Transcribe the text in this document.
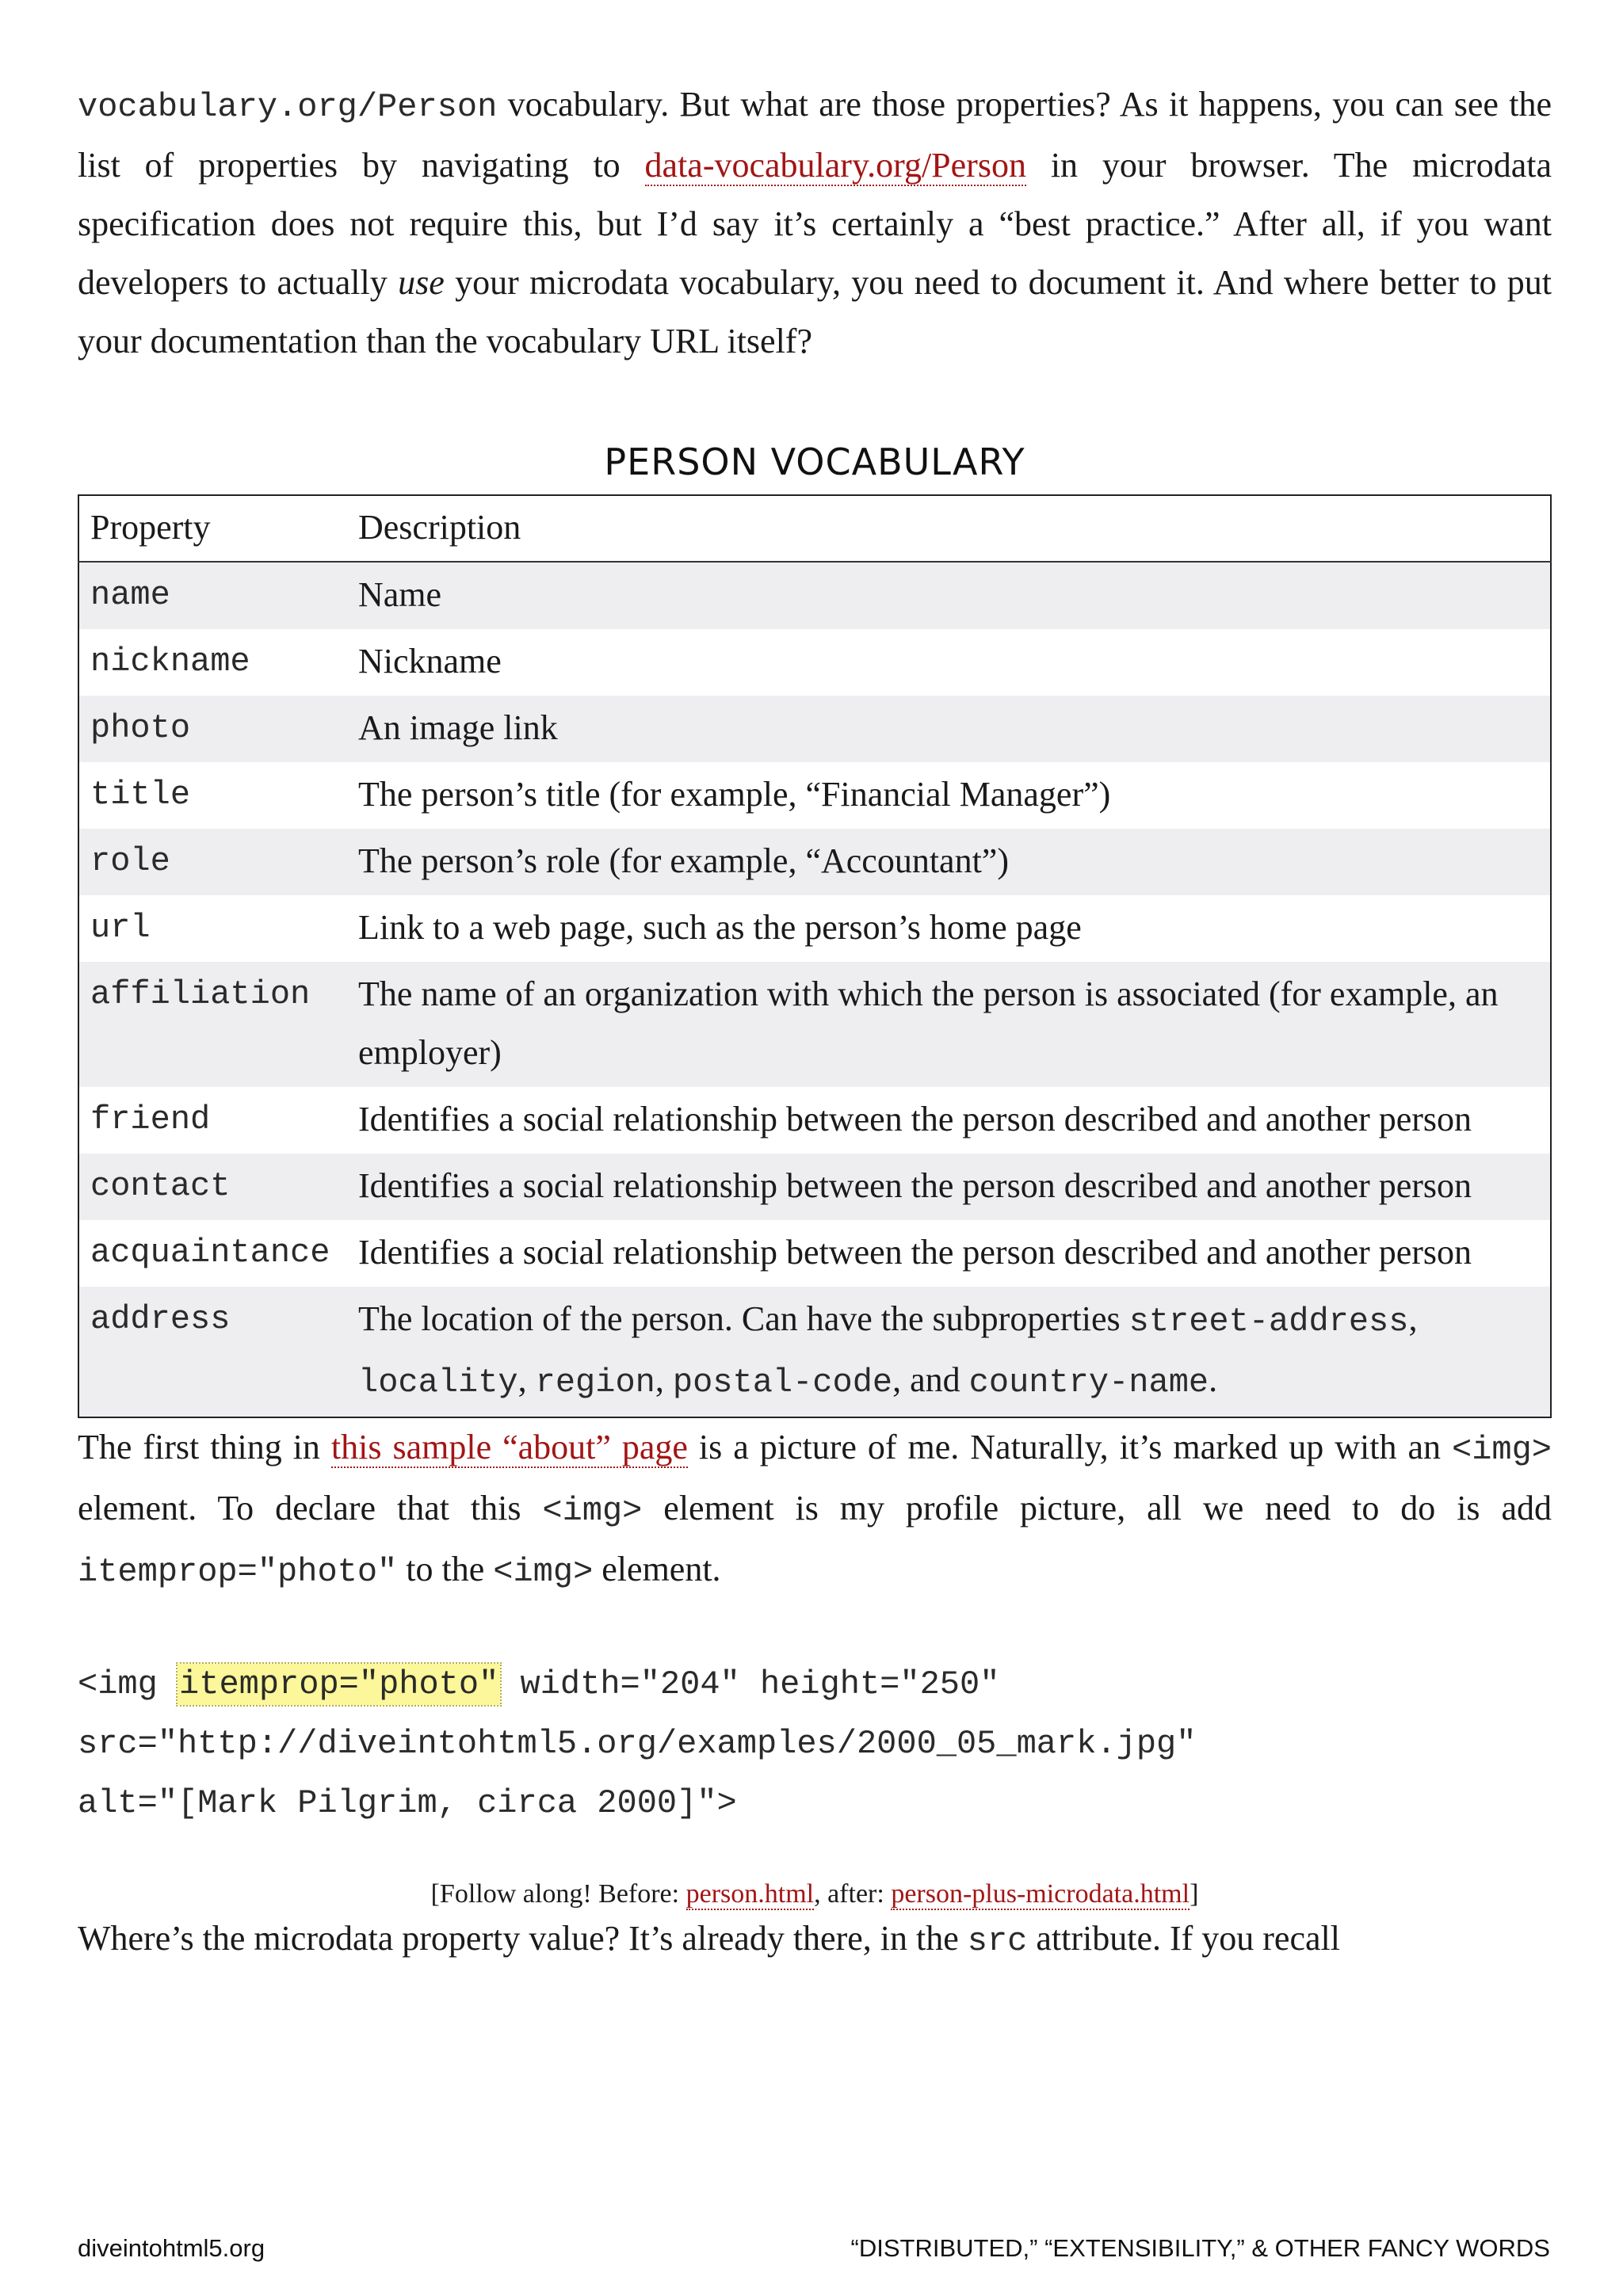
vocabulary.org/Person vocabulary. But what are those properties? As it happens, you can see the list of properties by navigating to data-vocabulary.org/Person in your browser. The microdata specification does not require this, but I’d say it’s certainly a “best practice.” After all, if you want developers to actually use your microdata vocabulary, you need to document it. And where better to put your documentation than the vocabulary URL itself?

PERSON VOCABULARY
Property	Description
name	Name
nickname	Nickname
photo	An image link
title	The person’s title (for example, “Financial Manager”)
role	The person’s role (for example, “Accountant”)
url	Link to a web page, such as the person’s home page
affiliation	The name of an organization with which the person is associated (for example, an employer)
friend	Identifies a social relationship between the person described and another person
contact	Identifies a social relationship between the person described and another person
acquaintance	Identifies a social relationship between the person described and another person
address	The location of the person. Can have the subproperties street-address, locality, region, postal-code, and country-name.

The first thing in this sample “about” page is a picture of me. Naturally, it’s marked up with an <img> element. To declare that this <img> element is my profile picture, all we need to do is add itemprop="photo" to the <img> element.

<img itemprop="photo" width="204" height="250"
src="http://diveintohtml5.org/examples/2000_05_mark.jpg"
alt="[Mark Pilgrim, circa 2000]">
[Follow along! Before: person.html, after: person-plus-microdata.html]

Where’s the microdata property value? It’s already there, in the src attribute. If you recall

diveintohtml5.org	“DISTRIBUTED,” “EXTENSIBILITY,” & OTHER FANCY WORDS
